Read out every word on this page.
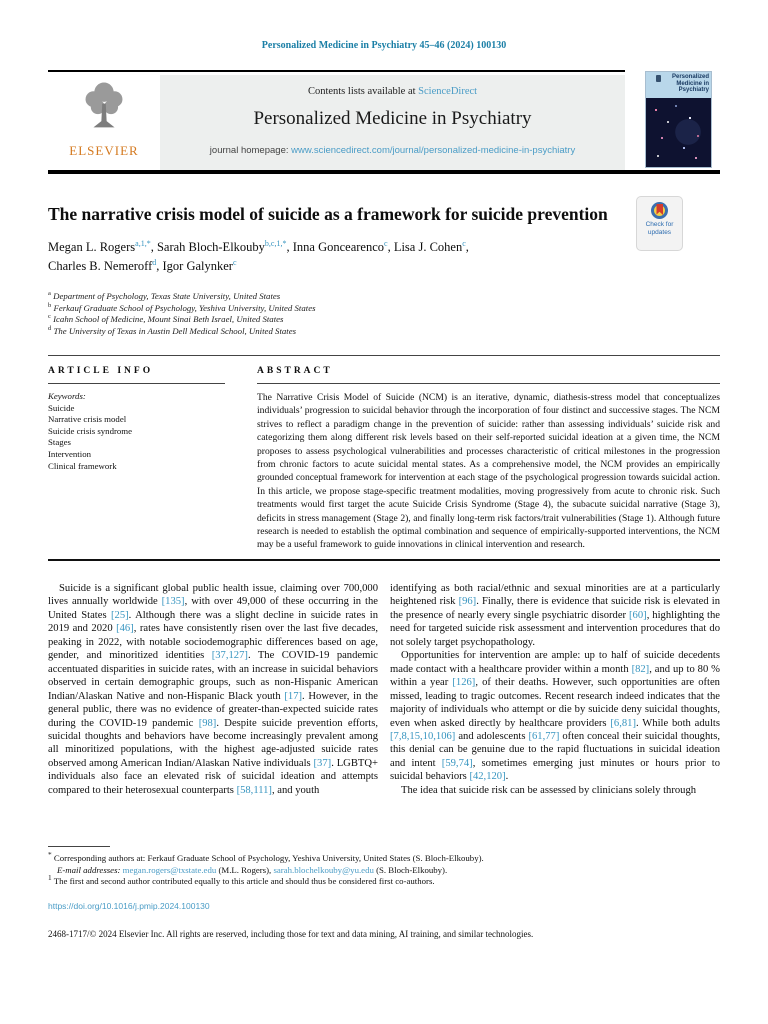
Personalized Medicine in Psychiatry 45–46 (2024) 100130
ELSEVIER
Contents lists available at ScienceDirect
Personalized Medicine in Psychiatry
journal homepage: www.sciencedirect.com/journal/personalized-medicine-in-psychiatry
Personalized Medicine in Psychiatry
The narrative crisis model of suicide as a framework for suicide prevention
Check for updates
Megan L. Rogers$^{a,1,*}$, Sarah Bloch-Elkouby$^{b,c,1,*}$, Inna Goncearenco$^c$, Lisa J. Cohen$^c$,
Charles B. Nemeroff$^d$, Igor Galynker$^c$
$^a$ Department of Psychology, Texas State University, United States
$^b$ Ferkauf Graduate School of Psychology, Yeshiva University, United States
$^c$ Icahn School of Medicine, Mount Sinai Beth Israel, United States
$^d$ The University of Texas in Austin Dell Medical School, United States
ARTICLE INFO
Keywords:
Suicide
Narrative crisis model
Suicide crisis syndrome
Stages
Intervention
Clinical framework
ABSTRACT
The Narrative Crisis Model of Suicide (NCM) is an iterative, dynamic, diathesis-stress model that conceptualizes individuals’ progression to suicidal behavior through the incorporation of four distinct and successive stages. The NCM strives to reflect a paradigm change in the prevention of suicide: rather than assessing individuals’ suicide risk and categorizing them along different risk levels based on their self-reported suicidal ideation at a given time, the NCM proposes to assess psychological vulnerabilities and processes characteristic of critical milestones in the progression from chronic factors to acute suicidal mental states. As a comprehensive model, the NCM provides an empirically grounded conceptual framework for intervention at each stage of the psychological progression towards suicidal action. In this article, we propose stage-specific treatment modalities, moving progressively from acute to chronic risk. Such treatments would first target the acute Suicide Crisis Syndrome (Stage 4), the subacute suicidal narrative (Stage 3), deficits in stress management (Stage 2), and finally long-term risk factors/trait vulnerabilities (Stage 1). Although future research is needed to establish the optimal combination and sequence of empirically-supported interventions, the NCM may be a useful framework to guide innovations in clinical intervention and research.

Suicide is a significant global public health issue, claiming over 700,000 lives annually worldwide [135], with over 49,000 of these occurring in the United States [25]. Although there was a slight decline in suicide rates in 2019 and 2020 [46], rates have consistently risen over the last five decades, peaking in 2022, with notable sociodemographic differences based on age, gender, and minoritized identities [37,127]. The COVID-19 pandemic accentuated disparities in suicide rates, with an increase in suicidal behaviors observed in certain demographic groups, such as non-Hispanic American Indian/Alaskan Native and non-Hispanic Black youth [17]. However, in the general public, there was no evidence of greater-than-expected suicide rates during the COVID-19 pandemic [98]. Despite suicide prevention efforts, suicidal thoughts and behaviors have become increasingly prevalent among all minoritized populations, with the highest age-adjusted suicide rates observed among American Indian/Alaskan Native individuals [37]. LGBTQ+ individuals also face an elevated risk of suicidal ideation and attempts compared to their heterosexual counterparts [58,111], and youth

identifying as both racial/ethnic and sexual minorities are at a particularly heightened risk [96]. Finally, there is evidence that suicide risk is elevated in the presence of nearly every single psychiatric disorder [60], highlighting the need for targeted suicide risk assessment and intervention procedures that do not solely target psychopathology.

Opportunities for intervention are ample: up to half of suicide decedents made contact with a healthcare provider within a month [82], and up to 80 % within a year [126], of their deaths. However, such opportunities are often missed, leading to tragic outcomes. Recent research indeed indicates that the majority of individuals who attempt or die by suicide deny suicidal thoughts, even when asked directly by healthcare providers [6,81]. While both adults [7,8,15,10,106] and adolescents [61,77] often conceal their suicidal thoughts, this denial can be genuine due to the rapid fluctuations in suicidal ideation and intent [59,74], sometimes emerging just minutes or hours prior to suicidal behaviors [42,120].

The idea that suicide risk can be assessed by clinicians solely through

* Corresponding authors at: Ferkauf Graduate School of Psychology, Yeshiva University, United States (S. Bloch-Elkouby).

E-mail addresses: megan.rogers@txstate.edu (M.L. Rogers), sarah.blochelkouby@yu.edu (S. Bloch-Elkouby).

$^1$ The first and second author contributed equally to this article and should thus be considered first co-authors.

https://doi.org/10.1016/j.pmip.2024.100130
2468-1717/© 2024 Elsevier Inc. All rights are reserved, including those for text and data mining, AI training, and similar technologies.
